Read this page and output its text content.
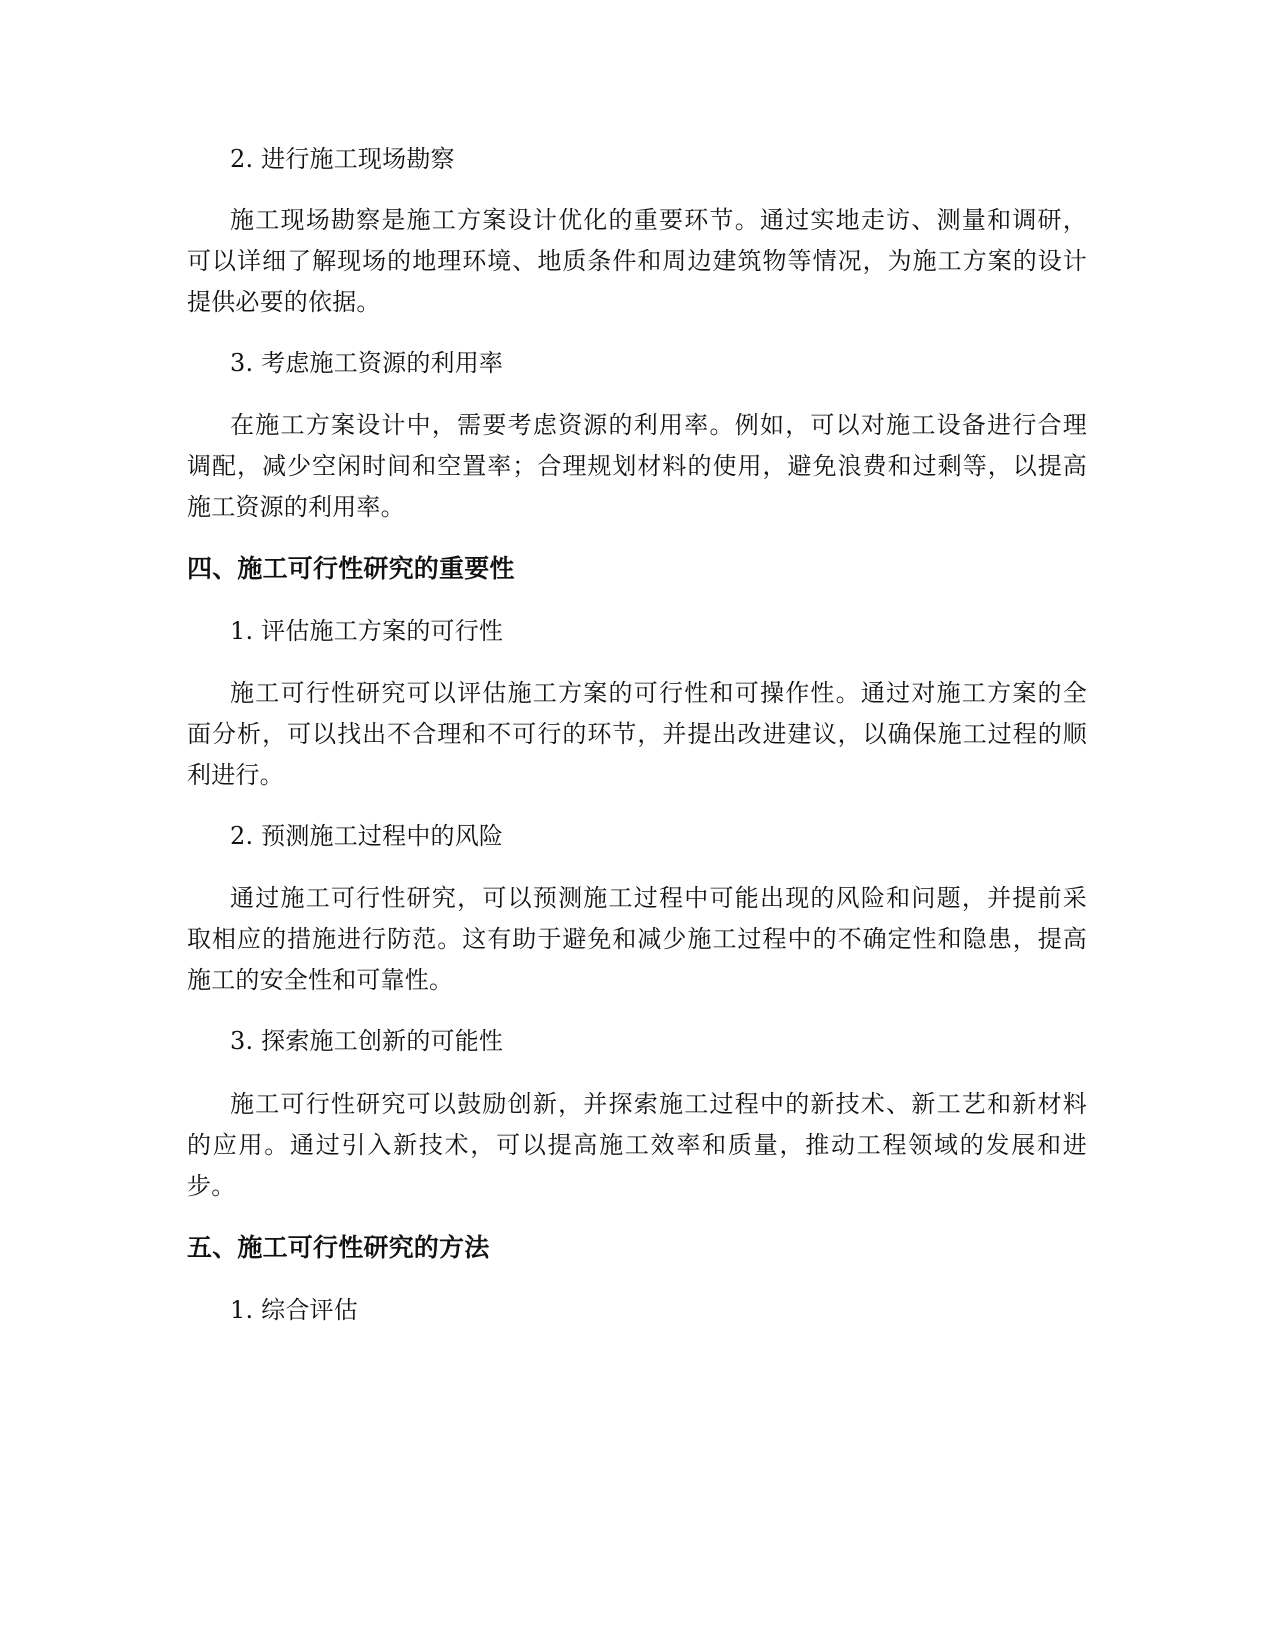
2. 进行施工现场勘察
施工现场勘察是施工方案设计优化的重要环节。通过实地走访、测量和调研，
可以详细了解现场的地理环境、地质条件和周边建筑物等情况，为施工方案的设计
提供必要的依据。
3. 考虑施工资源的利用率
在施工方案设计中，需要考虑资源的利用率。例如，可以对施工设备进行合理
调配，减少空闲时间和空置率；合理规划材料的使用，避免浪费和过剩等，以提高
施工资源的利用率。
四、施工可行性研究的重要性
1. 评估施工方案的可行性
施工可行性研究可以评估施工方案的可行性和可操作性。通过对施工方案的全
面分析，可以找出不合理和不可行的环节，并提出改进建议，以确保施工过程的顺
利进行。
2. 预测施工过程中的风险
通过施工可行性研究，可以预测施工过程中可能出现的风险和问题，并提前采
取相应的措施进行防范。这有助于避免和减少施工过程中的不确定性和隐患，提高
施工的安全性和可靠性。
3. 探索施工创新的可能性
施工可行性研究可以鼓励创新，并探索施工过程中的新技术、新工艺和新材料
的应用。通过引入新技术，可以提高施工效率和质量，推动工程领域的发展和进
步。
五、施工可行性研究的方法
1. 综合评估
